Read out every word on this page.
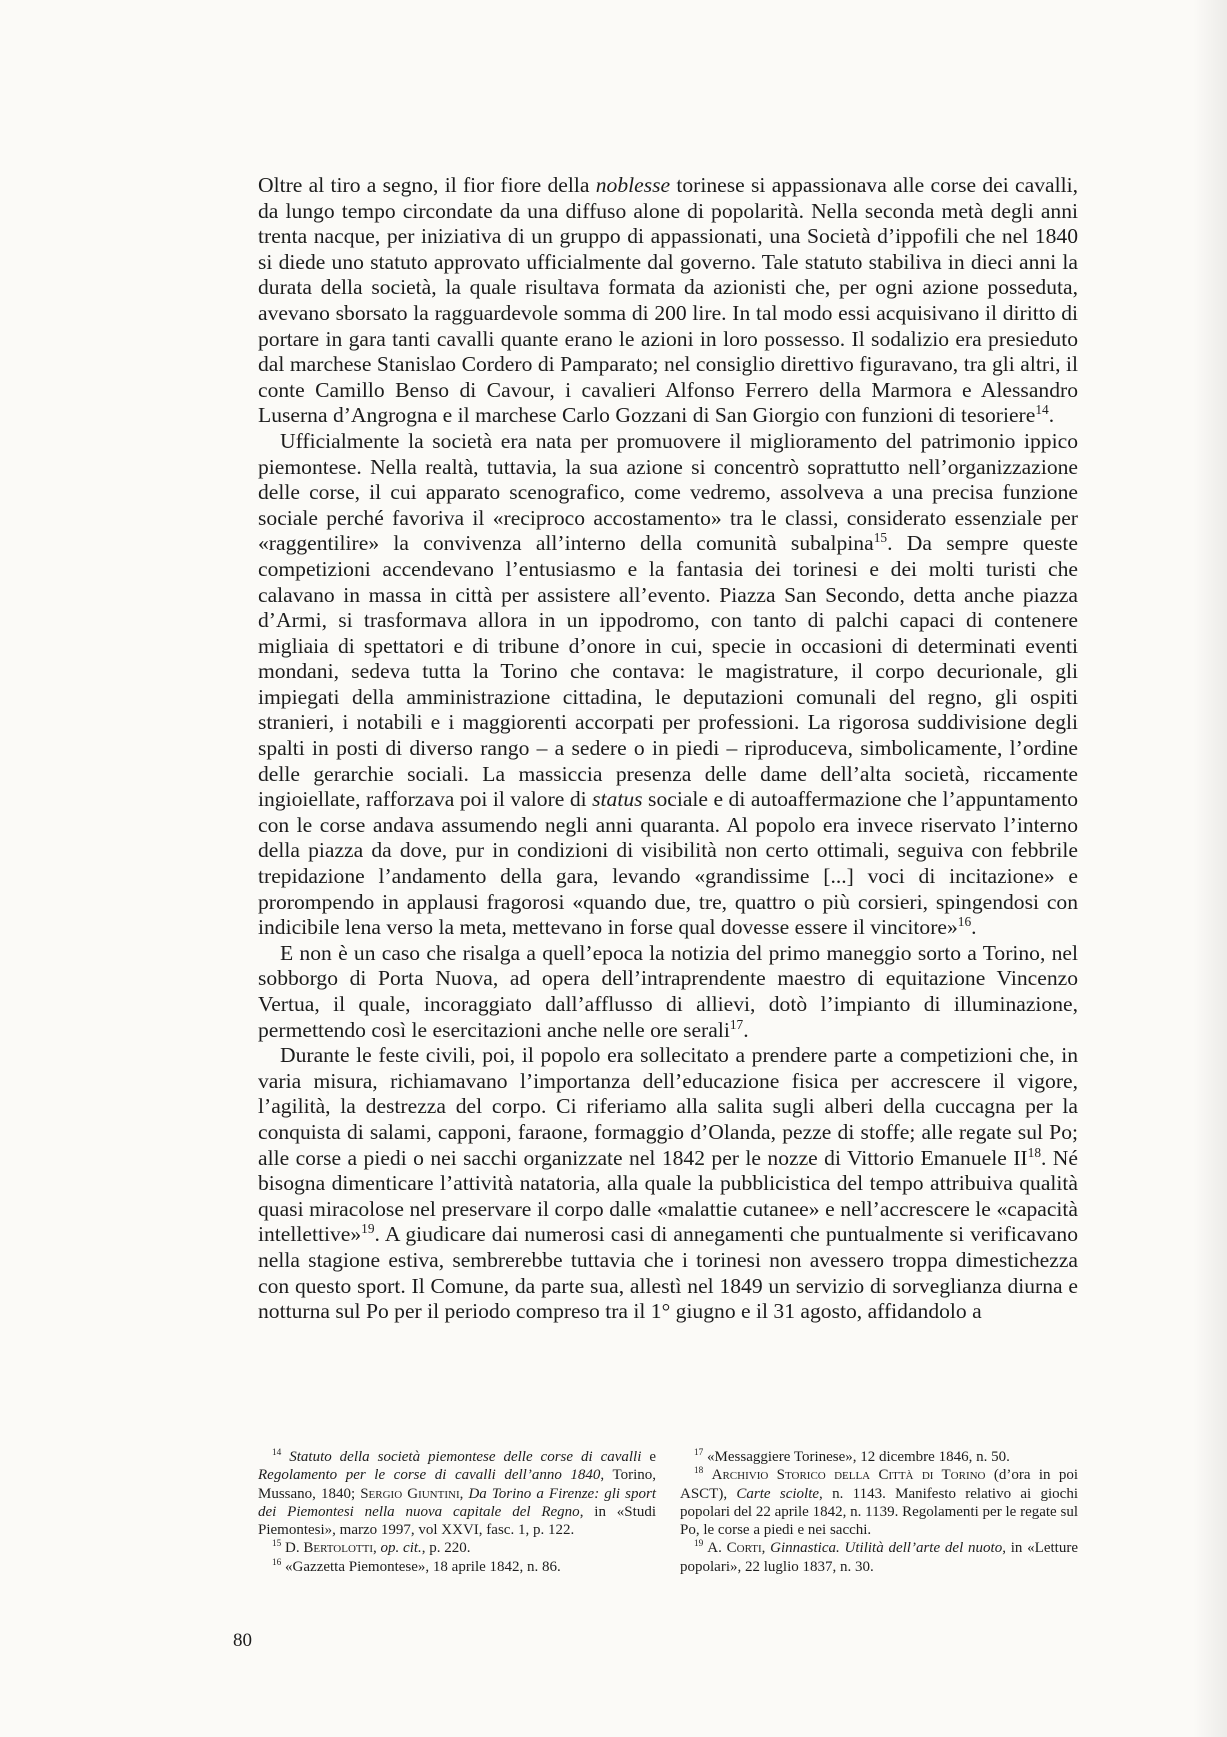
Oltre al tiro a segno, il fior fiore della noblesse torinese si appassionava alle corse dei cavalli, da lungo tempo circondate da una diffuso alone di popolarità. Nella seconda metà degli anni trenta nacque, per iniziativa di un gruppo di appassionati, una Società d’ippofili che nel 1840 si diede uno statuto approvato ufficialmente dal governo. Tale statuto stabiliva in dieci anni la durata della società, la quale risultava formata da azionisti che, per ogni azione posseduta, avevano sborsato la ragguardevole somma di 200 lire. In tal modo essi acquisivano il diritto di portare in gara tanti cavalli quante erano le azioni in loro possesso. Il sodalizio era presieduto dal marchese Stanislao Cordero di Pamparato; nel consiglio direttivo figuravano, tra gli altri, il conte Camillo Benso di Cavour, i cavalieri Alfonso Ferrero della Marmora e Alessandro Luserna d’Angrogna e il marchese Carlo Gozzani di San Giorgio con funzioni di tesoriere$^{14}$.

Ufficialmente la società era nata per promuovere il miglioramento del patrimonio ippico piemontese. Nella realtà, tuttavia, la sua azione si concentrò soprattutto nell’organizzazione delle corse, il cui apparato scenografico, come vedremo, assolveva a una precisa funzione sociale perché favoriva il «reciproco accostamento» tra le classi, considerato essenziale per «raggentilire» la convivenza all’interno della comunità subalpina$^{15}$. Da sempre queste competizioni accendevano l’entusiasmo e la fantasia dei torinesi e dei molti turisti che calavano in massa in città per assistere all’evento. Piazza San Secondo, detta anche piazza d’Armi, si trasformava allora in un ippodromo, con tanto di palchi capaci di contenere migliaia di spettatori e di tribune d’onore in cui, specie in occasioni di determinati eventi mondani, sedeva tutta la Torino che contava: le magistrature, il corpo decurionale, gli impiegati della amministrazione cittadina, le deputazioni comunali del regno, gli ospiti stranieri, i notabili e i maggiorenti accorpati per professioni. La rigorosa suddivisione degli spalti in posti di diverso rango – a sedere o in piedi – riproduceva, simbolicamente, l’ordine delle gerarchie sociali. La massiccia presenza delle dame dell’alta società, riccamente ingioiellate, rafforzava poi il valore di status sociale e di autoaffermazione che l’appuntamento con le corse andava assumendo negli anni quaranta. Al popolo era invece riservato l’interno della piazza da dove, pur in condizioni di visibilità non certo ottimali, seguiva con febbrile trepidazione l’andamento della gara, levando «grandissime [...] voci di incitazione» e prorompendo in applausi fragorosi «quando due, tre, quattro o più corsieri, spingendosi con indicibile lena verso la meta, mettevano in forse qual dovesse essere il vincitore»$^{16}$.

E non è un caso che risalga a quell’epoca la notizia del primo maneggio sorto a Torino, nel sobborgo di Porta Nuova, ad opera dell’intraprendente maestro di equitazione Vincenzo Vertua, il quale, incoraggiato dall’afflusso di allievi, dotò l’impianto di illuminazione, permettendo così le esercitazioni anche nelle ore serali$^{17}$.

Durante le feste civili, poi, il popolo era sollecitato a prendere parte a competizioni che, in varia misura, richiamavano l’importanza dell’educazione fisica per accrescere il vigore, l’agilità, la destrezza del corpo. Ci riferiamo alla salita sugli alberi della cuccagna per la conquista di salami, capponi, faraone, formaggio d’Olanda, pezze di stoffe; alle regate sul Po; alle corse a piedi o nei sacchi organizzate nel 1842 per le nozze di Vittorio Emanuele II$^{18}$. Né bisogna dimenticare l’attività natatoria, alla quale la pubblicistica del tempo attribuiva qualità quasi miracolose nel preservare il corpo dalle «malattie cutanee» e nell’accrescere le «capacità intellettive»$^{19}$. A giudicare dai numerosi casi di annegamenti che puntualmente si verificavano nella stagione estiva, sembrerebbe tuttavia che i torinesi non avessero troppa dimestichezza con questo sport. Il Comune, da parte sua, allestì nel 1849 un servizio di sorveglianza diurna e notturna sul Po per il periodo compreso tra il 1° giugno e il 31 agosto, affidandolo a

$^{14}$ Statuto della società piemontese delle corse di cavalli e Regolamento per le corse di cavalli dell’anno 1840, Torino, Mussano, 1840; Sergio Giuntini, Da Torino a Firenze: gli sport dei Piemontesi nella nuova capitale del Regno, in «Studi Piemontesi», marzo 1997, vol XXVI, fasc. 1, p. 122.

$^{15}$ D. Bertolotti, op. cit., p. 220.

$^{16}$ «Gazzetta Piemontese», 18 aprile 1842, n. 86.

$^{17}$ «Messaggiere Torinese», 12 dicembre 1846, n. 50.

$^{18}$ Archivio Storico della Città di Torino (d’ora in poi ASCT), Carte sciolte, n. 1143. Manifesto relativo ai giochi popolari del 22 aprile 1842, n. 1139. Regolamenti per le regate sul Po, le corse a piedi e nei sacchi.

$^{19}$ A. Corti, Ginnastica. Utilità dell’arte del nuoto, in «Letture popolari», 22 luglio 1837, n. 30.

80
